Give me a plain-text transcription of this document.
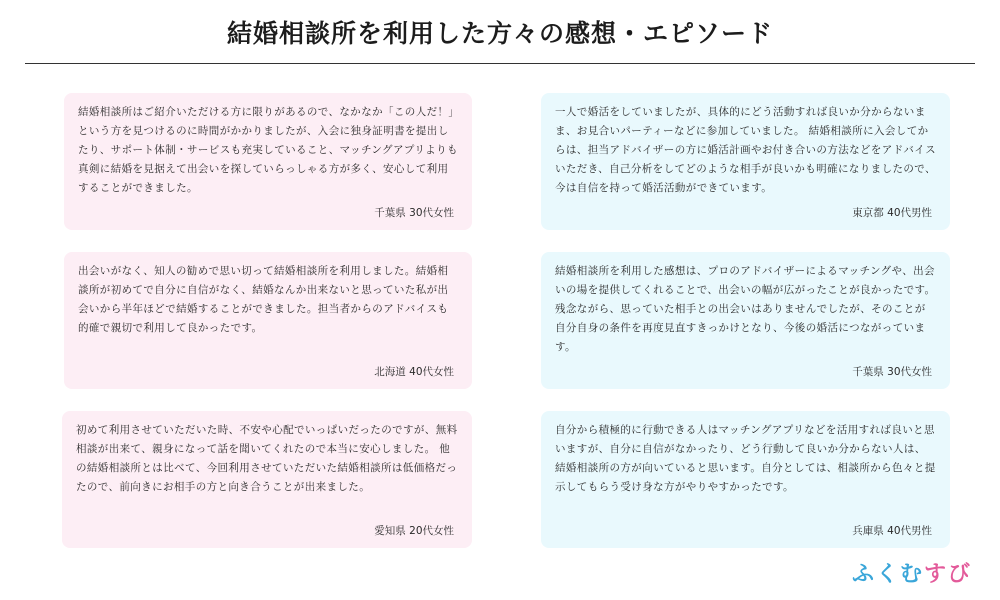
結婚相談所を利用した方々の感想・エピソード

結婚相談所はご紹介いただける方に限りがあるので、なかなか「この人だ！」という方を見つけるのに時間がかかりましたが、入会に独身証明書を提出したり、サポート体制・サービスも充実していること、マッチングアプリよりも真剣に結婚を見据えて出会いを探していらっしゃる方が多く、安心して利用することができました。

千葉県 30代女性

出会いがなく、知人の勧めで思い切って結婚相談所を利用しました。結婚相談所が初めてで自分に自信がなく、結婚なんか出来ないと思っていた私が出会いから半年ほどで結婚することができました。担当者からのアドバイスも的確で親切で利用して良かったです。

北海道 40代女性

初めて利用させていただいた時、不安や心配でいっぱいだったのですが、無料相談が出来て、親身になって話を聞いてくれたので本当に安心しました。 他の結婚相談所とは比べて、今回利用させていただいた結婚相談所は低価格だったので、前向きにお相手の方と向き合うことが出来ました。

愛知県 20代女性

一人で婚活をしていましたが、具体的にどう活動すれば良いか分からないまま、お見合いパーティーなどに参加していました。 結婚相談所に入会してからは、担当アドバイザーの方に婚活計画やお付き合いの方法などをアドバイスいただき、自己分析をしてどのような相手が良いかも明確になりましたので、今は自信を持って婚活活動ができています。

東京都 40代男性

結婚相談所を利用した感想は、プロのアドバイザーによるマッチングや、出会いの場を提供してくれることで、出会いの幅が広がったことが良かったです。残念ながら、思っていた相手との出会いはありませんでしたが、そのことが自分自身の条件を再度見直すきっかけとなり、今後の婚活につながっています。

千葉県 30代女性

自分から積極的に行動できる人はマッチングアプリなどを活用すれば良いと思いますが、自分に自信がなかったり、どう行動して良いか分からない人は、結婚相談所の方が向いていると思います。自分としては、相談所から色々と提示してもらう受け身な方がやりやすかったです。

兵庫県 40代男性
ふくむすび
